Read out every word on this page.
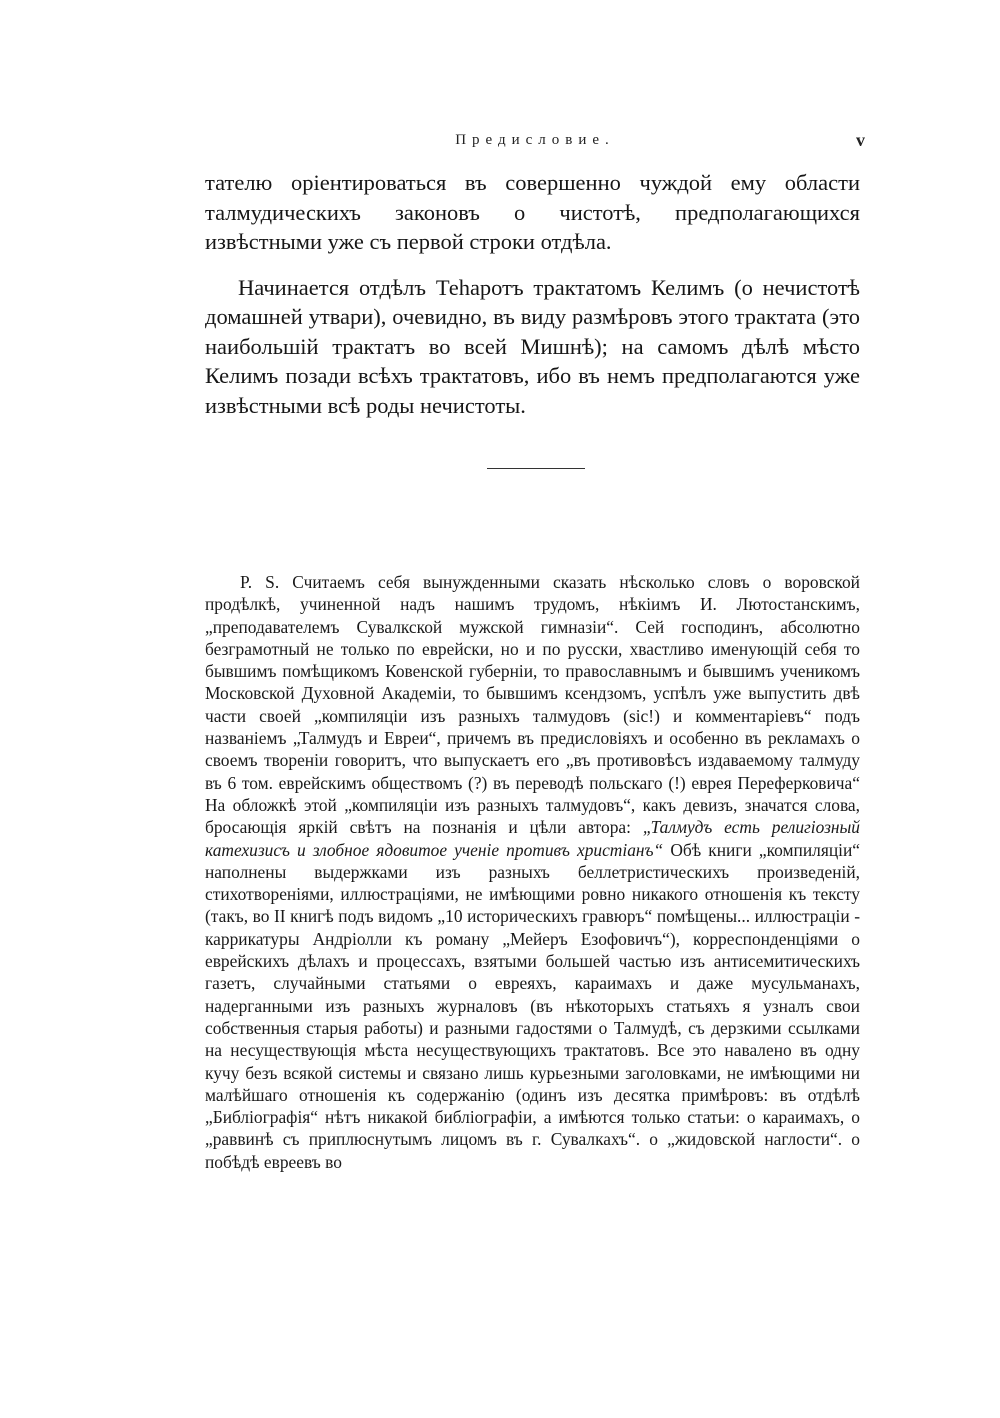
Предисловие.	v

тателю оріентироваться въ совершенно чуждой ему области талмудическихъ законовъ о чистотѣ, предполагающихся извѣстными уже съ первой строки отдѣла.

Начинается отдѣлъ Теһаротъ трактатомъ Келимъ (о нечистотѣ домашней утвари), очевидно, въ виду размѣровъ этого трактата (это наибольшій трактатъ во всей Мишнѣ); на самомъ дѣлѣ мѣсто Келимъ позади всѣхъ трактатовъ, ибо въ немъ предполагаются уже извѣстными всѣ роды нечистоты.

P. S. Считаемъ себя вынужденными сказать нѣсколько словъ о воровской продѣлкѣ, учиненной надъ нашимъ трудомъ, нѣкіимъ И. Лютостанскимъ, „преподавателемъ Сувалкской мужской гимназіи“. Сей господинъ, абсолютно безграмотный не только по еврейски, но и по русски, хвастливо именующій себя то бывшимъ помѣщикомъ Ковенской губерніи, то православнымъ и бывшимъ ученикомъ Московской Духовной Академіи, то бывшимъ ксендзомъ, успѣлъ уже выпустить двѣ части своей „компиляціи изъ разныхъ талмудовъ (sic!) и комментаріевъ“ подъ названіемъ „Талмудъ и Евреи“, причемъ въ предисловіяхъ и особенно въ рекламахъ о своемъ твореніи говоритъ, что выпускаетъ его „въ противовѣсъ издаваемому талмуду въ 6 том. еврейскимъ обществомъ (?) въ переводѣ польскаго (!) еврея Переферковича“ На обложкѣ этой „компиляціи изъ разныхъ талмудовъ“, какъ девизъ, значатся слова, бросающія яркій свѣтъ на познанія и цѣли автора: „Талмудъ есть религіозный катехизисъ и злобное ядовитое ученіе противъ христіанъ“ Обѣ книги „компиляціи“ наполнены выдержками изъ разныхъ беллетристическихъ произведеній, стихотвореніями, иллюстраціями, не имѣющими ровно никакого отношенія къ тексту (такъ, во II книгѣ подъ видомъ „10 историческихъ гравюръ“ помѣщены... иллюстраціи - каррикатуры Андріолли къ роману „Мейеръ Езофовичъ“), корреспонденціями о еврейскихъ дѣлахъ и процессахъ, взятыми большей частью изъ антисемитическихъ газетъ, случайными статьями о евреяхъ, караимахъ и даже мусульманахъ, надерганными изъ разныхъ журналовъ (въ нѣкоторыхъ статьяхъ я узналъ свои собственныя старыя работы) и разными гадостями о Талмудѣ, съ дерзкими ссылками на несуществующія мѣста несуществующихъ трактатовъ. Все это навалено въ одну кучу безъ всякой системы и связано лишь курьезными заголовками, не имѣющими ни малѣйшаго отношенія къ содержанію (одинъ изъ десятка примѣровъ: въ отдѣлѣ „Библіографія“ нѣтъ никакой библіографіи, а имѣются только статьи: о караимахъ, о „раввинѣ съ приплюснутымъ лицомъ въ г. Сувалкахъ“. о „жидовской наглости“. о побѣдѣ евреевъ во
